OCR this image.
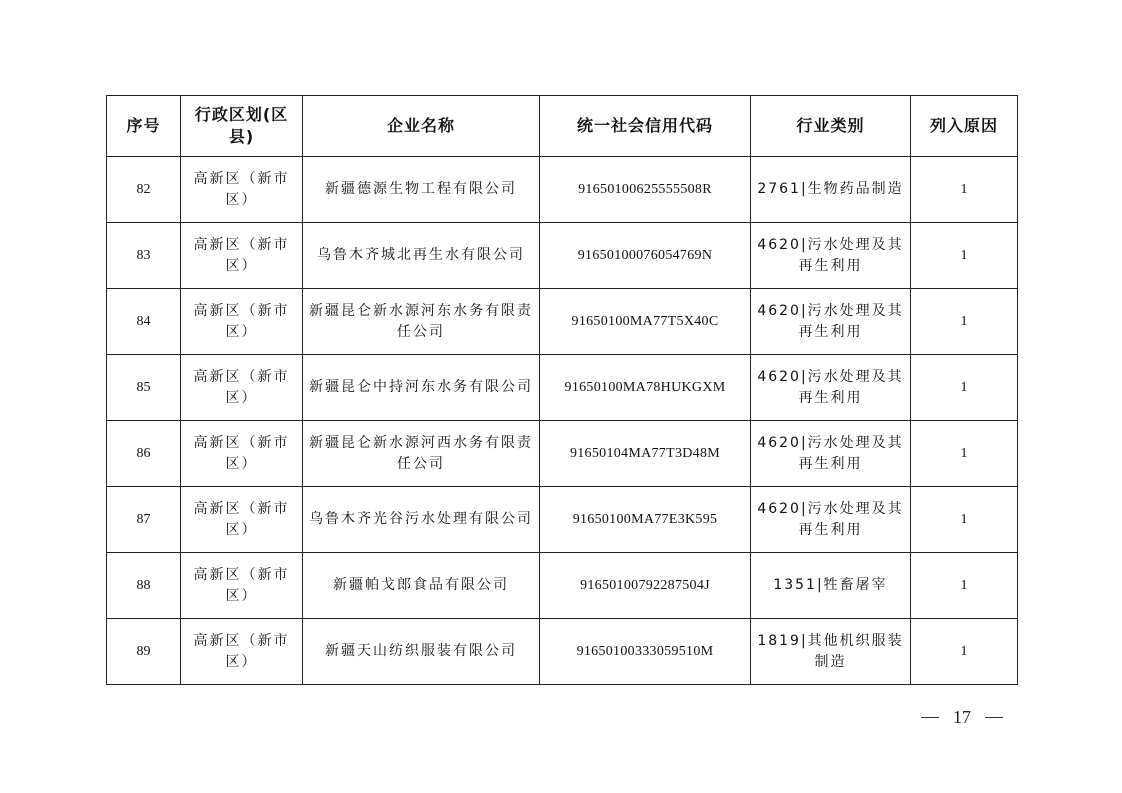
序号	行政区划(区县)	企业名称	统一社会信用代码	行业类别	列入原因
82	高新区（新市区）	新疆德源生物工程有限公司	91650100625555508R	2761|生物药品制造	1
83	高新区（新市区）	乌鲁木齐城北再生水有限公司	91650100076054769N	4620|污水处理及其再生利用	1
84	高新区（新市区）	新疆昆仑新水源河东水务有限责任公司	91650100MA77T5X40C	4620|污水处理及其再生利用	1
85	高新区（新市区）	新疆昆仑中持河东水务有限公司	91650100MA78HUKGXM	4620|污水处理及其再生利用	1
86	高新区（新市区）	新疆昆仑新水源河西水务有限责任公司	91650104MA77T3D48M	4620|污水处理及其再生利用	1
87	高新区（新市区）	乌鲁木齐光谷污水处理有限公司	91650100MA77E3K595	4620|污水处理及其再生利用	1
88	高新区（新市区）	新疆帕戈郎食品有限公司	91650100792287504J	1351|牲畜屠宰	1
89	高新区（新市区）	新疆天山纺织服装有限公司	91650100333059510M	1819|其他机织服装制造	1
17
